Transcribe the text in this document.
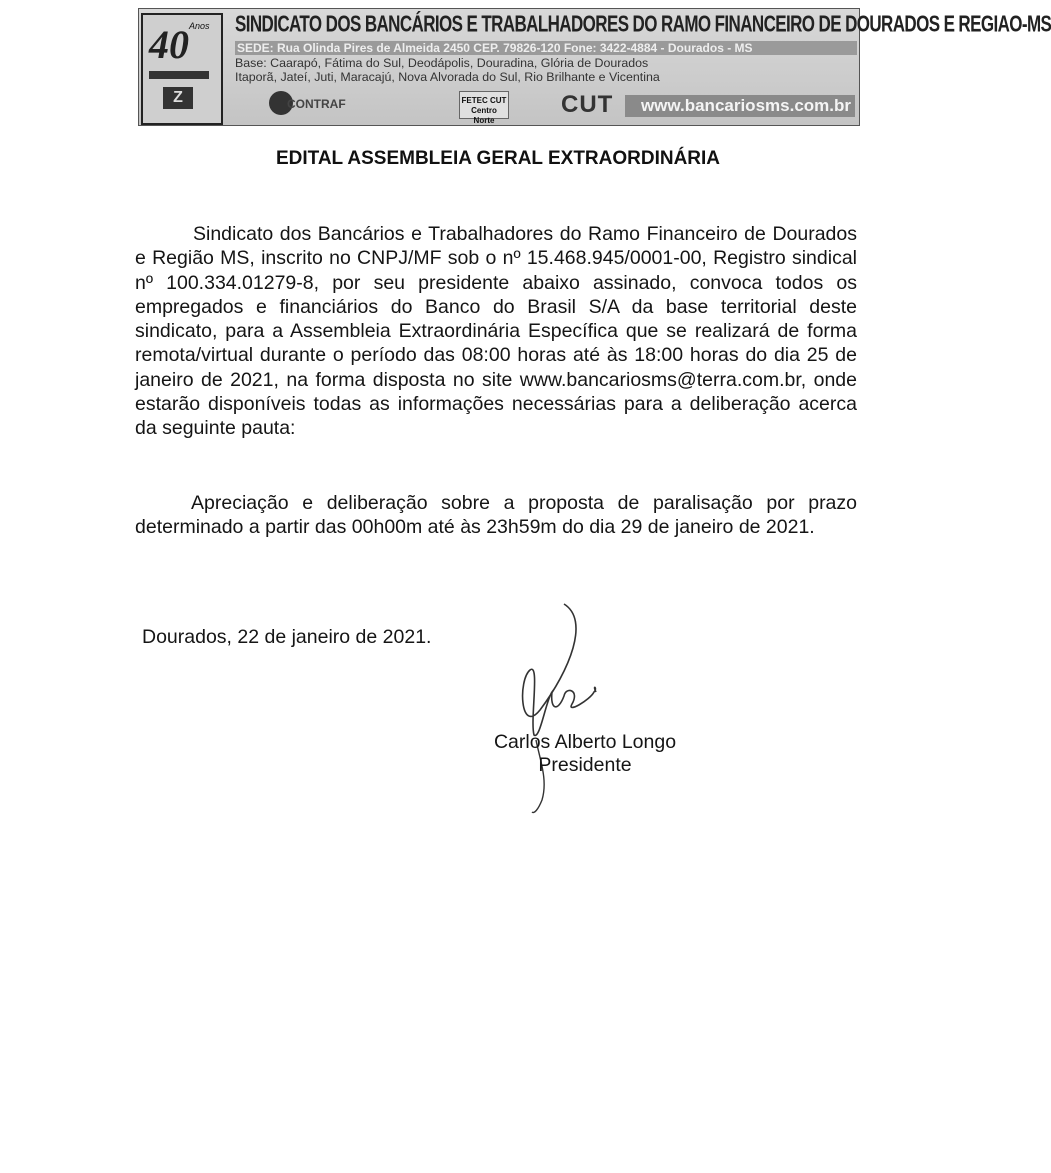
40 Anos
Z
SINDICATO DOS BANCÁRIOS E TRABALHADORES DO RAMO FINANCEIRO DE DOURADOS E REGIAO-MS
SEDE: Rua Olinda Pires de Almeida 2450 CEP. 79826-120 Fone: 3422-4884 - Dourados - MS
Base: Caarapó, Fátima do Sul, Deodápolis, Douradina, Glória de Dourados
Itaporã, Jateí, Juti, Maracajú, Nova Alvorada do Sul, Rio Brilhante e Vicentina
CONTRAF	FETEC CUT
Centro Norte
CUT	www.bancariosms.com.br
EDITAL ASSEMBLEIA GERAL EXTRAORDINÁRIA

Sindicato dos Bancários e Trabalhadores do Ramo Financeiro de Dourados e Região MS, inscrito no CNPJ/MF sob o nº 15.468.945/0001-00, Registro sindical nº 100.334.01279-8, por seu presidente abaixo assinado, convoca todos os empregados e financiários do Banco do Brasil S/A da base territorial deste sindicato, para a Assembleia Extraordinária Específica que se realizará de forma remota/virtual durante o período das 08:00 horas até às 18:00 horas do dia 25 de janeiro de 2021, na forma disposta no site www.bancariosms@terra.com.br, onde estarão disponíveis todas as informações necessárias para a deliberação acerca da seguinte pauta:

Apreciação e deliberação sobre a proposta de paralisação por prazo determinado a partir das 00h00m até às 23h59m do dia 29 de janeiro de 2021.

Dourados, 22 de janeiro de 2021.
Carlos Alberto Longo
Presidente
